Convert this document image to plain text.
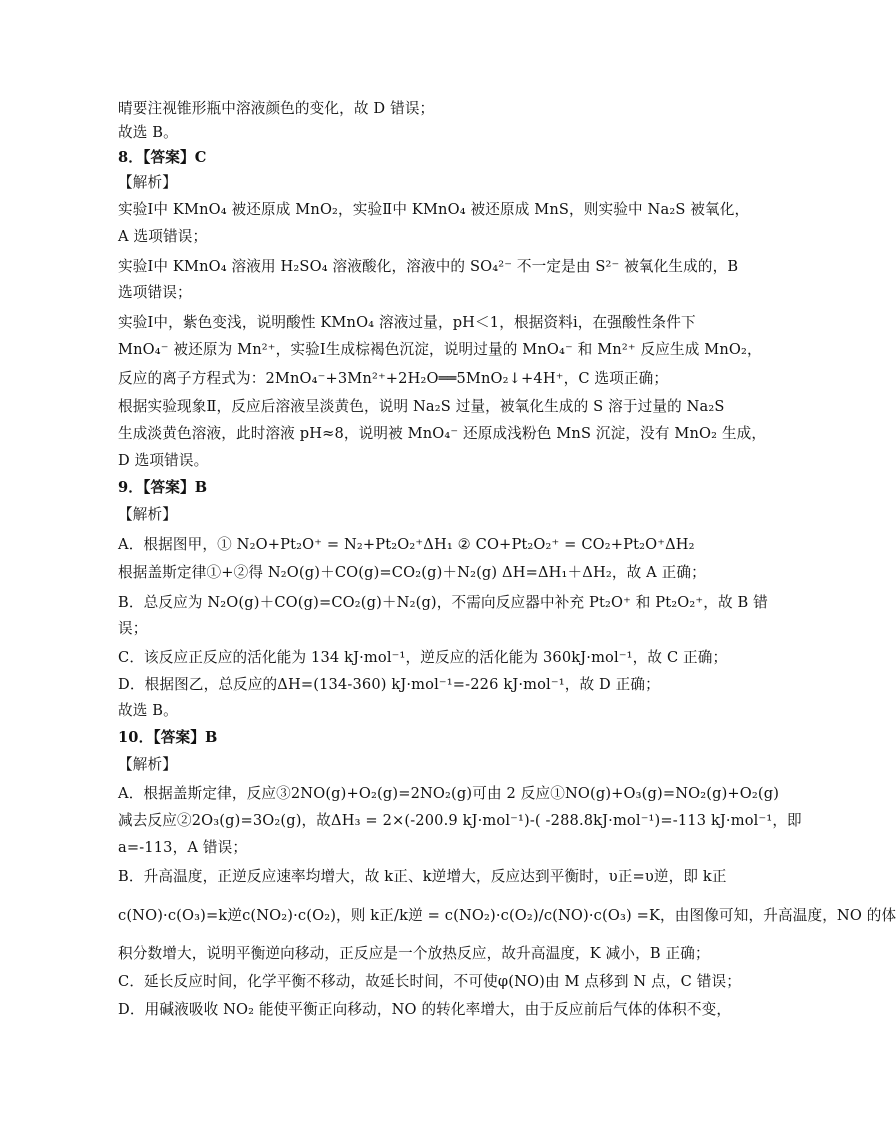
晴要注视锥形瓶中溶液颜色的变化，故 D 错误；
故选 B。
8．【答案】C
【解析】
实验Ⅰ中 KMnO₄ 被还原成 MnO₂，实验Ⅱ中 KMnO₄ 被还原成 MnS，则实验中 Na₂S 被氧化，
A 选项错误；
实验Ⅰ中 KMnO₄ 溶液用 H₂SO₄ 溶液酸化，溶液中的 SO₄²⁻ 不一定是由 S²⁻ 被氧化生成的，B
选项错误；
实验Ⅰ中，紫色变浅，说明酸性 KMnO₄ 溶液过量，pH＜1，根据资料ⅰ，在强酸性条件下
MnO₄⁻ 被还原为 Mn²⁺，实验Ⅰ生成棕褐色沉淀，说明过量的 MnO₄⁻ 和 Mn²⁺ 反应生成 MnO₂，
反应的离子方程式为：2MnO₄⁻+3Mn²⁺+2H₂O══5MnO₂↓+4H⁺，C 选项正确；
根据实验现象Ⅱ，反应后溶液呈淡黄色，说明 Na₂S 过量，被氧化生成的 S 溶于过量的 Na₂S
生成淡黄色溶液，此时溶液 pH≈8，说明被 MnO₄⁻ 还原成浅粉色 MnS 沉淀，没有 MnO₂ 生成，
D 选项错误。
9．【答案】B
【解析】
A．根据图甲，① N₂O+Pt₂O⁺ = N₂+Pt₂O₂⁺ΔH₁ ② CO+Pt₂O₂⁺ = CO₂+Pt₂O⁺ΔH₂
根据盖斯定律①+②得 N₂O(g)＋CO(g)=CO₂(g)＋N₂(g) ΔH=ΔH₁＋ΔH₂，故 A 正确；
B．总反应为 N₂O(g)＋CO(g)=CO₂(g)＋N₂(g)，不需向反应器中补充 Pt₂O⁺ 和 Pt₂O₂⁺，故 B 错
误；
C．该反应正反应的活化能为 134 kJ·mol⁻¹，逆反应的活化能为 360kJ·mol⁻¹，故 C 正确；
D．根据图乙，总反应的ΔH=(134-360) kJ·mol⁻¹=-226 kJ·mol⁻¹，故 D 正确；
故选 B。
10．【答案】B
【解析】
A．根据盖斯定律，反应③2NO(g)+O₂(g)=2NO₂(g)可由 2 反应①NO(g)+O₃(g)=NO₂(g)+O₂(g)
减去反应②2O₃(g)=3O₂(g)，故ΔH₃ = 2×(-200.9 kJ·mol⁻¹)-( -288.8kJ·mol⁻¹)=-113 kJ·mol⁻¹，即
a=-113，A 错误；
B．升高温度，正逆反应速率均增大，故 k正、k逆增大，反应达到平衡时，υ正=υ逆，即 k正
c(NO)·c(O₃)=k逆c(NO₂)·c(O₂)，则 k正/k逆 = c(NO₂)·c(O₂)/c(NO)·c(O₃) =K，由图像可知，升高温度，NO 的体
积分数增大，说明平衡逆向移动，正反应是一个放热反应，故升高温度，K 减小，B 正确；
C．延长反应时间，化学平衡不移动，故延长时间，不可使φ(NO)由 M 点移到 N 点，C 错误；
D．用碱液吸收 NO₂ 能使平衡正向移动，NO 的转化率增大，由于反应前后气体的体积不变，
